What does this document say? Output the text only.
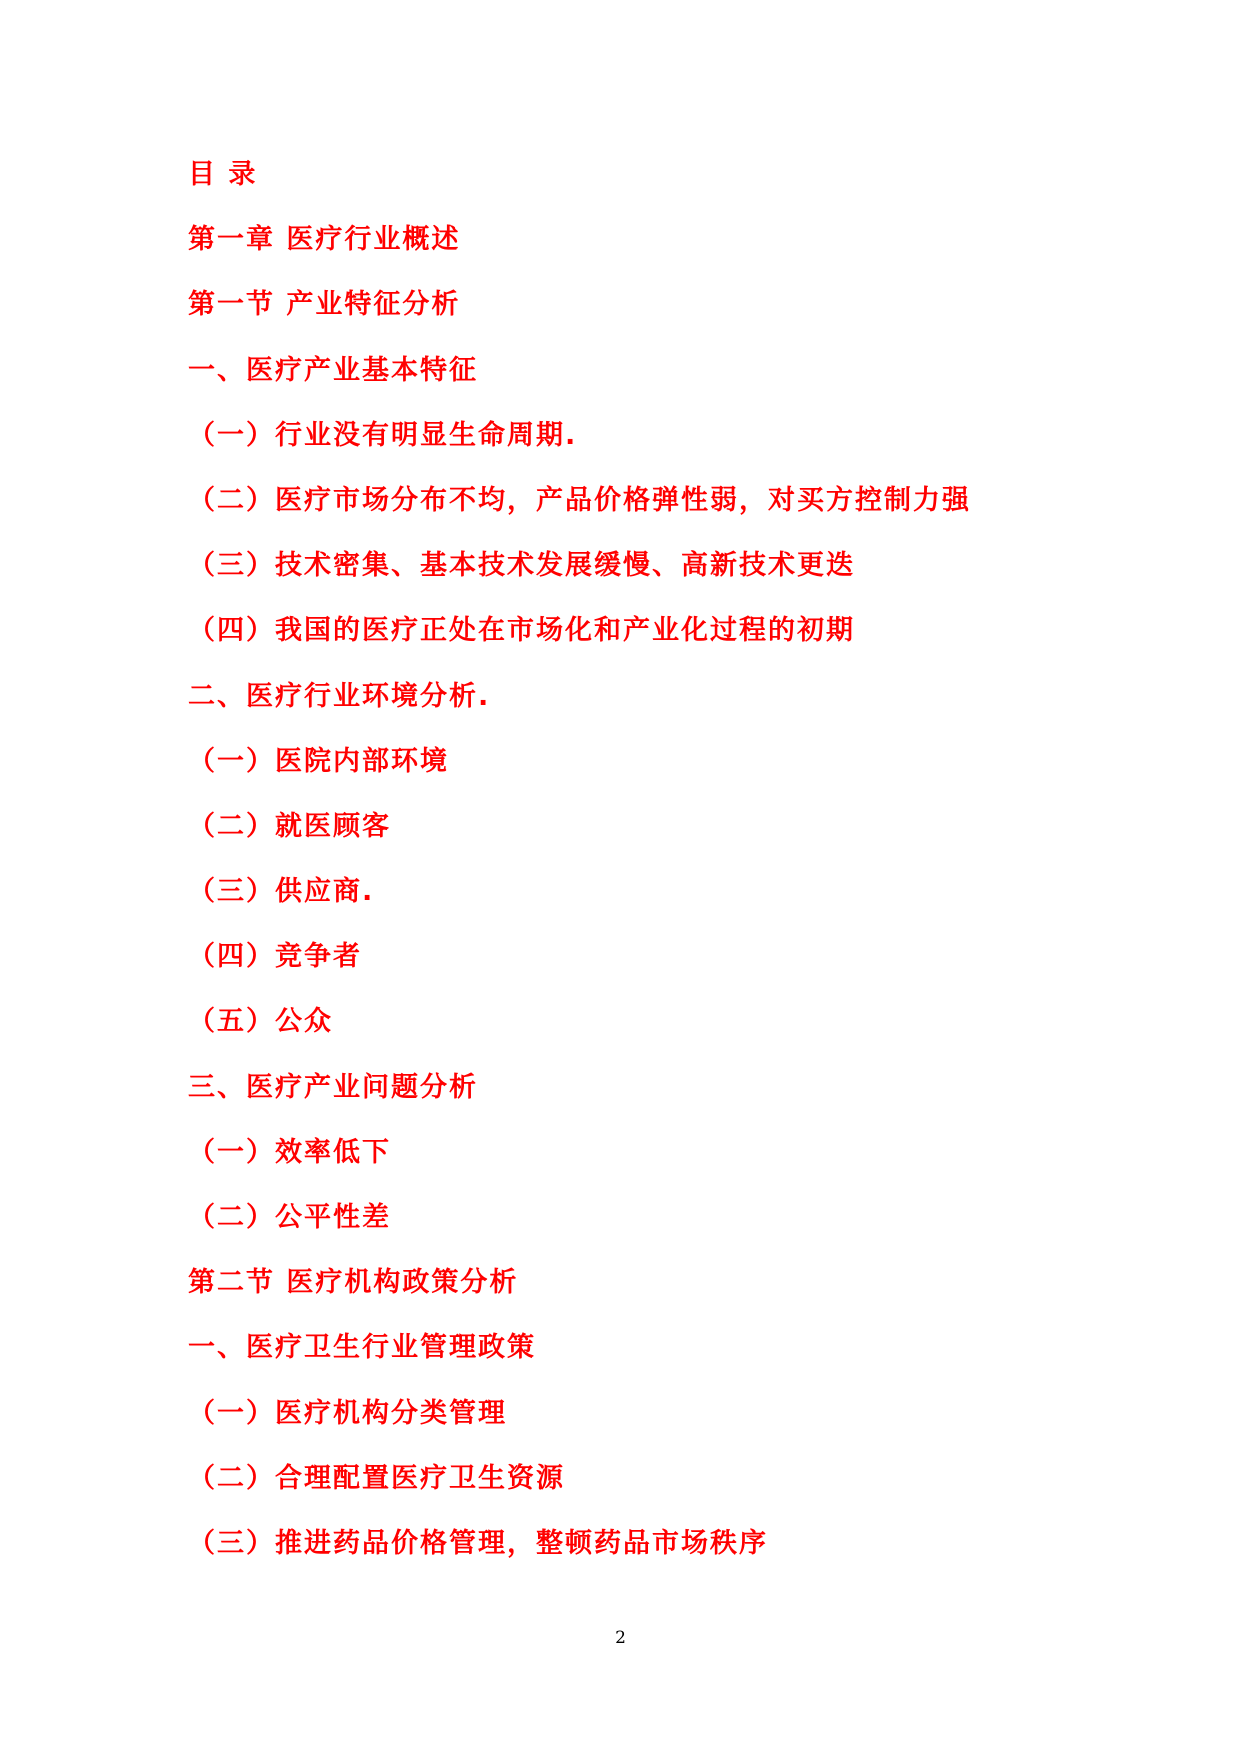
目 录
第一章 医疗行业概述
第一节 产业特征分析
一、医疗产业基本特征
（一）行业没有明显生命周期.
（二）医疗市场分布不均，产品价格弹性弱，对买方控制力强
（三）技术密集、基本技术发展缓慢、高新技术更迭
（四）我国的医疗正处在市场化和产业化过程的初期
二、医疗行业环境分析.
（一）医院内部环境
（二）就医顾客
（三）供应商.
（四）竞争者
（五）公众
三、医疗产业问题分析
（一）效率低下
（二）公平性差
第二节 医疗机构政策分析
一、医疗卫生行业管理政策
（一）医疗机构分类管理
（二）合理配置医疗卫生资源
（三）推进药品价格管理，整顿药品市场秩序
2
